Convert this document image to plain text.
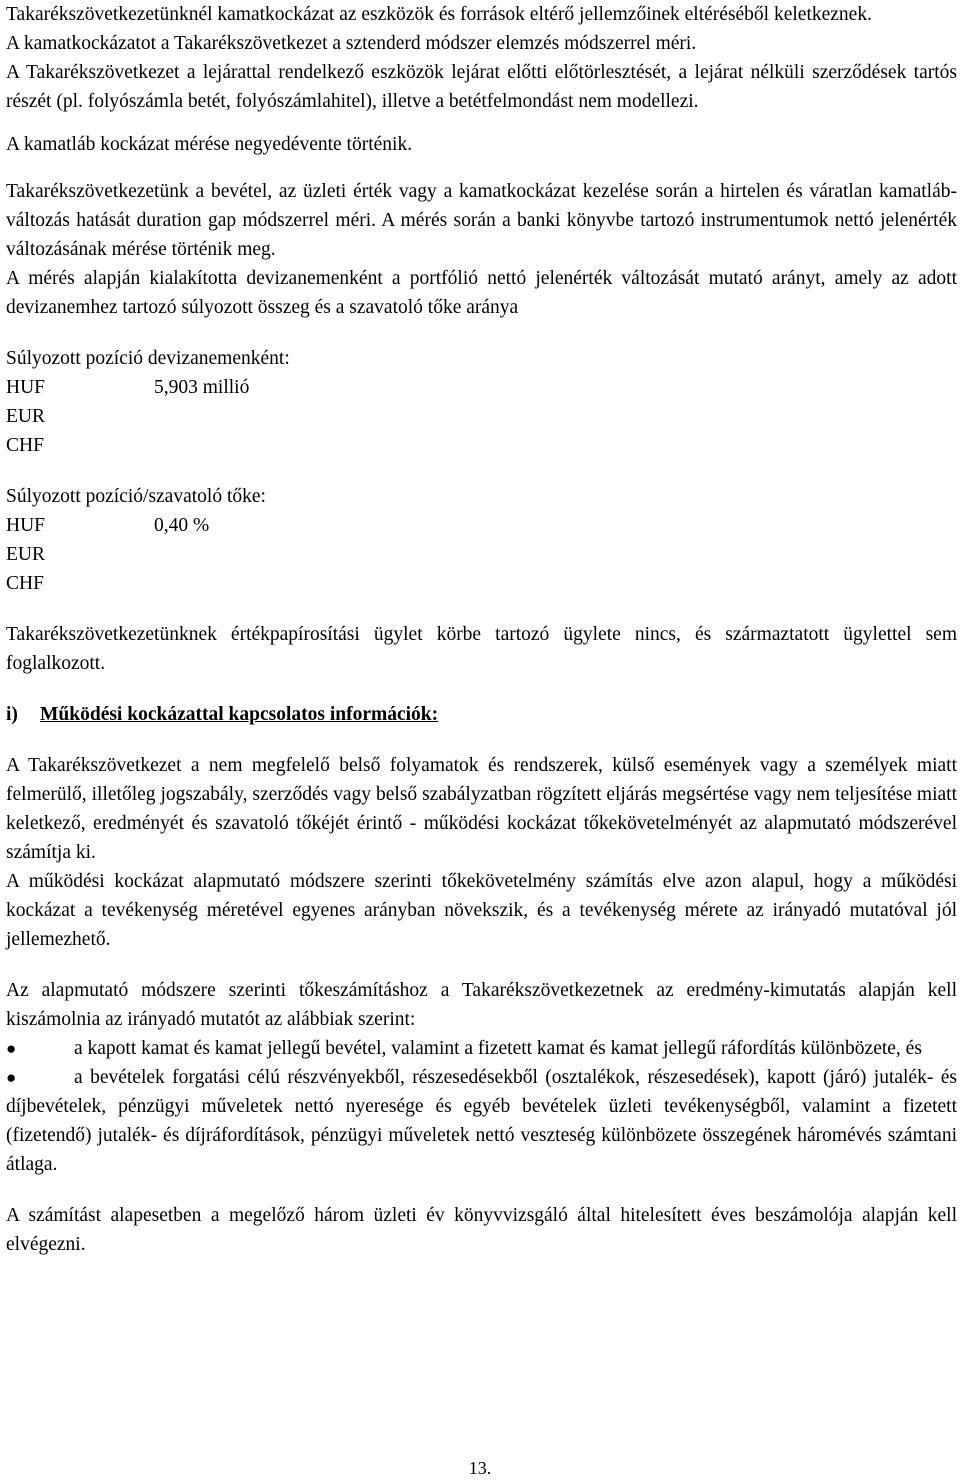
Takarékszövetkezetünknél kamatkockázat az eszközök és források eltérő jellemzőinek eltéréséből keletkeznek.

A kamatkockázatot a Takarékszövetkezet a sztenderd módszer elemzés módszerrel méri.

A Takarékszövetkezet a lejárattal rendelkező eszközök lejárat előtti előtörlesztését, a lejárat nélküli szerződések tartós részét (pl. folyószámla betét, folyószámlahitel), illetve a betétfelmondást nem modellezi.

A kamatláb kockázat mérése negyedévente történik.

Takarékszövetkezetünk a bevétel, az üzleti érték vagy a kamatkockázat kezelése során a hirtelen és váratlan kamatláb-változás hatását duration gap módszerrel méri. A mérés során a banki könyvbe tartozó instrumentumok nettó jelenérték változásának mérése történik meg.

A mérés alapján kialakította devizanemenként a portfólió nettó jelenérték változását mutató arányt, amely az adott devizanemhez tartozó súlyozott összeg és a szavatoló tőke aránya

Súlyozott pozíció devizanemenként:
HUF	5,903 millió
EUR
CHF
Súlyozott pozíció/szavatoló tőke:
HUF	0,40 %
EUR
CHF

Takarékszövetkezetünknek értékpapírosítási ügylet körbe tartozó ügylete nincs, és származtatott ügylettel sem foglalkozott.

i)	Működési kockázattal kapcsolatos információk:

A Takarékszövetkezet a nem megfelelő belső folyamatok és rendszerek, külső események vagy a személyek miatt felmerülő, illetőleg jogszabály, szerződés vagy belső szabályzatban rögzített eljárás megsértése vagy nem teljesítése miatt keletkező, eredményét és szavatoló tőkéjét érintő - működési kockázat tőkekövetelményét az alapmutató módszerével számítja ki.

A működési kockázat alapmutató módszere szerinti tőkekövetelmény számítás elve azon alapul, hogy a működési kockázat a tevékenység méretével egyenes arányban növekszik, és a tevékenység mérete az irányadó mutatóval jól jellemezhető.

Az alapmutató módszere szerinti tőkeszámításhoz a Takarékszövetkezetnek az eredmény-kimutatás alapján kell kiszámolnia az irányadó mutatót az alábbiak szerint:

●	a kapott kamat és kamat jellegű bevétel, valamint a fizetett kamat és kamat jellegű ráfordítás különbözete, és

●	a bevételek forgatási célú részvényekből, részesedésekből (osztalékok, részesedések), kapott (járó) jutalék- és díjbevételek, pénzügyi műveletek nettó nyeresége és egyéb bevételek üzleti tevékenységből, valamint a fizetett (fizetendő) jutalék- és díjráfordítások, pénzügyi műveletek nettó veszteség különbözete összegének háromévés számtani átlaga.

A számítást alapesetben a megelőző három üzleti év könyvvizsgáló által hitelesített éves beszámolója alapján kell elvégezni.

13.
